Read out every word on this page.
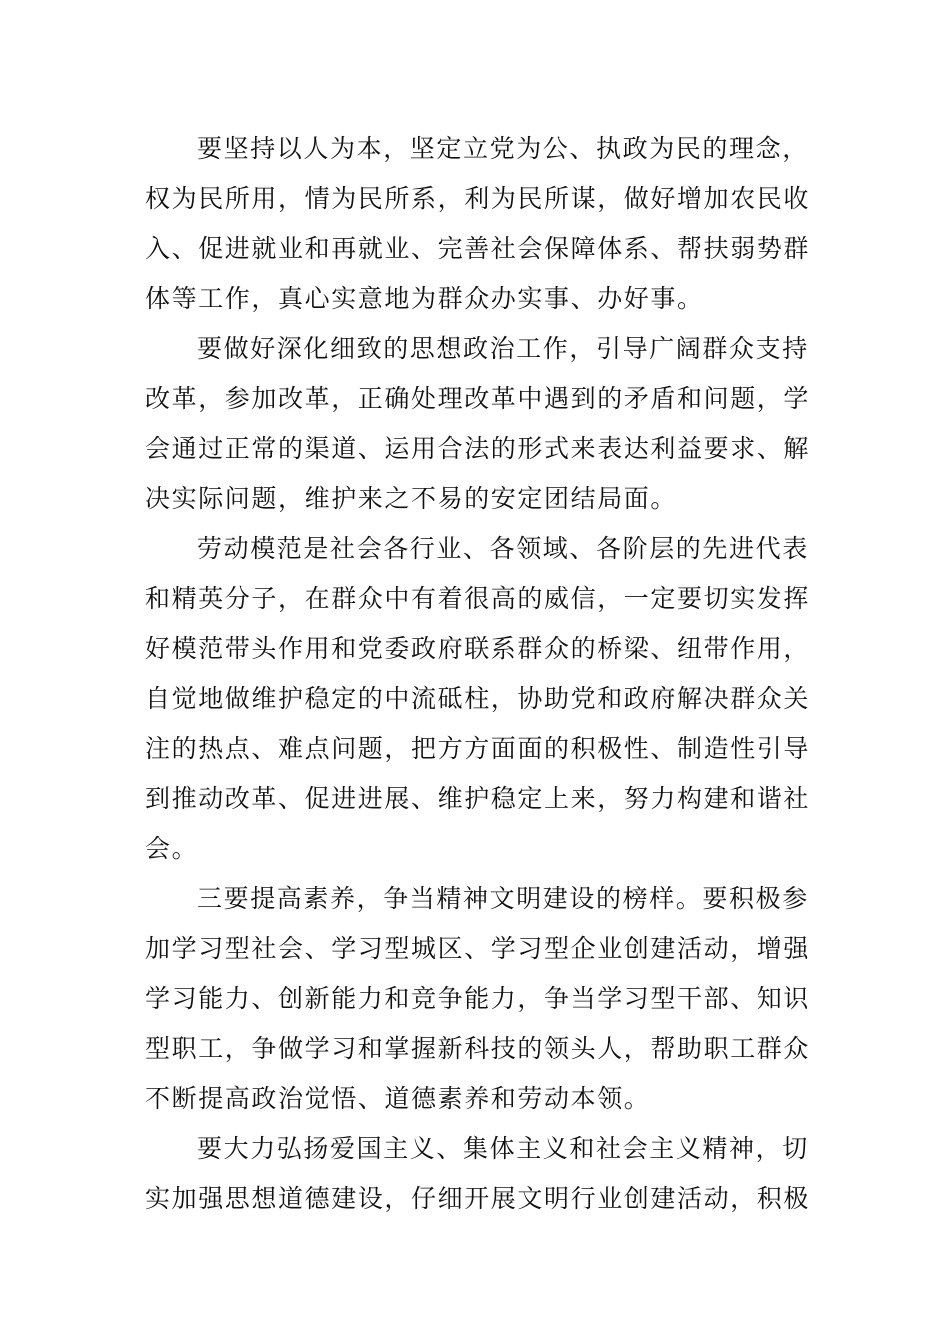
要坚持以人为本，坚定立党为公、执政为民的理念，
权为民所用，情为民所系，利为民所谋，做好增加农民收
入、促进就业和再就业、完善社会保障体系、帮扶弱势群
体等工作，真心实意地为群众办实事、办好事。

要做好深化细致的思想政治工作，引导广阔群众支持
改革，参加改革，正确处理改革中遇到的矛盾和问题，学
会通过正常的渠道、运用合法的形式来表达利益要求、解
决实际问题，维护来之不易的安定团结局面。

劳动模范是社会各行业、各领域、各阶层的先进代表
和精英分子，在群众中有着很高的威信，一定要切实发挥
好模范带头作用和党委政府联系群众的桥梁、纽带作用，
自觉地做维护稳定的中流砥柱，协助党和政府解决群众关
注的热点、难点问题，把方方面面的积极性、制造性引导
到推动改革、促进进展、维护稳定上来，努力构建和谐社
会。

三要提高素养，争当精神文明建设的榜样。要积极参
加学习型社会、学习型城区、学习型企业创建活动，增强
学习能力、创新能力和竞争能力，争当学习型干部、知识
型职工，争做学习和掌握新科技的领头人，帮助职工群众
不断提高政治觉悟、道德素养和劳动本领。

要大力弘扬爱国主义、集体主义和社会主义精神，切
实加强思想道德建设，仔细开展文明行业创建活动，积极
